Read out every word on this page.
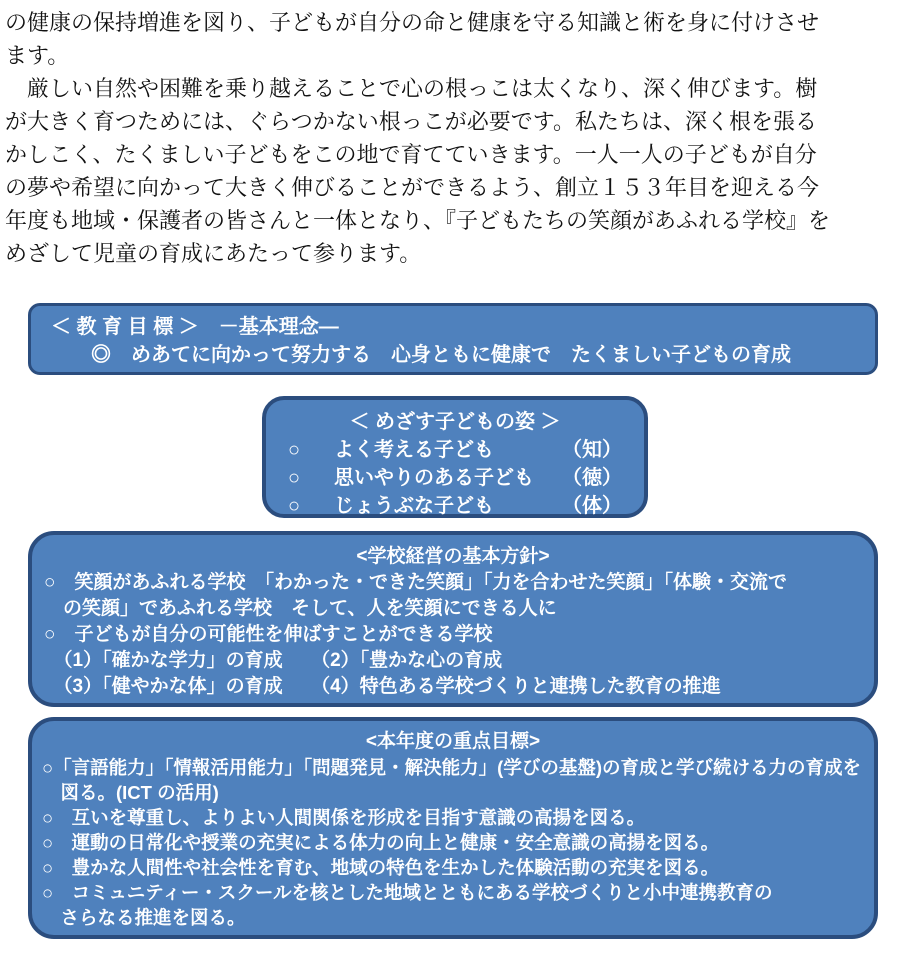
の健康の保持増進を図り、子どもが自分の命と健康を守る知識と術を身に付けさせ
ます。
　厳しい自然や困難を乗り越えることで心の根っこは太くなり、深く伸びます。樹
が大きく育つためには、ぐらつかない根っこが必要です。私たちは、深く根を張る
かしこく、たくましい子どもをこの地で育てていきます。一人一人の子どもが自分
の夢や希望に向かって大きく伸びることができるよう、創立１５３年目を迎える今
年度も地域・保護者の皆さんと一体となり、『子どもたちの笑顔があふれる学校』を
めざして児童の育成にあたって参ります。
＜ 教 育 目 標 ＞　－基本理念―
　　◎　めあてに向かって努力する　心身ともに健康で　たくましい子どもの育成
＜ めざす子どもの姿 ＞
○	よく考える子ども	（知）
○	思いやりのある子ども	（徳）
○	じょうぶな子ども	（体）
<学校経営の基本方針>
○　笑顔があふれる学校　「わかった・できた笑顔」「力を合わせた笑顔」「体験・交流で
　の笑顔」であふれる学校　そして、人を笑顔にできる人に
○　子どもが自分の可能性を伸ばすことができる学校
　（1）「確かな学力」の育成　　（2）「豊かな心の育成
　（3）「健やかな体」の育成　　（4）特色ある学校づくりと連携した教育の推進
<本年度の重点目標>
○「言語能力」「情報活用能力」「問題発見・解決能力」(学びの基盤)の育成と学び続ける力の育成を
　図る。(ICT の活用)
○　互いを尊重し、よりよい人間関係を形成を目指す意識の高揚を図る。
○　運動の日常化や授業の充実による体力の向上と健康・安全意識の高揚を図る。
○　豊かな人間性や社会性を育む、地域の特色を生かした体験活動の充実を図る。
○　コミュニティー・スクールを核とした地域とともにある学校づくりと小中連携教育の
　さらなる推進を図る。
